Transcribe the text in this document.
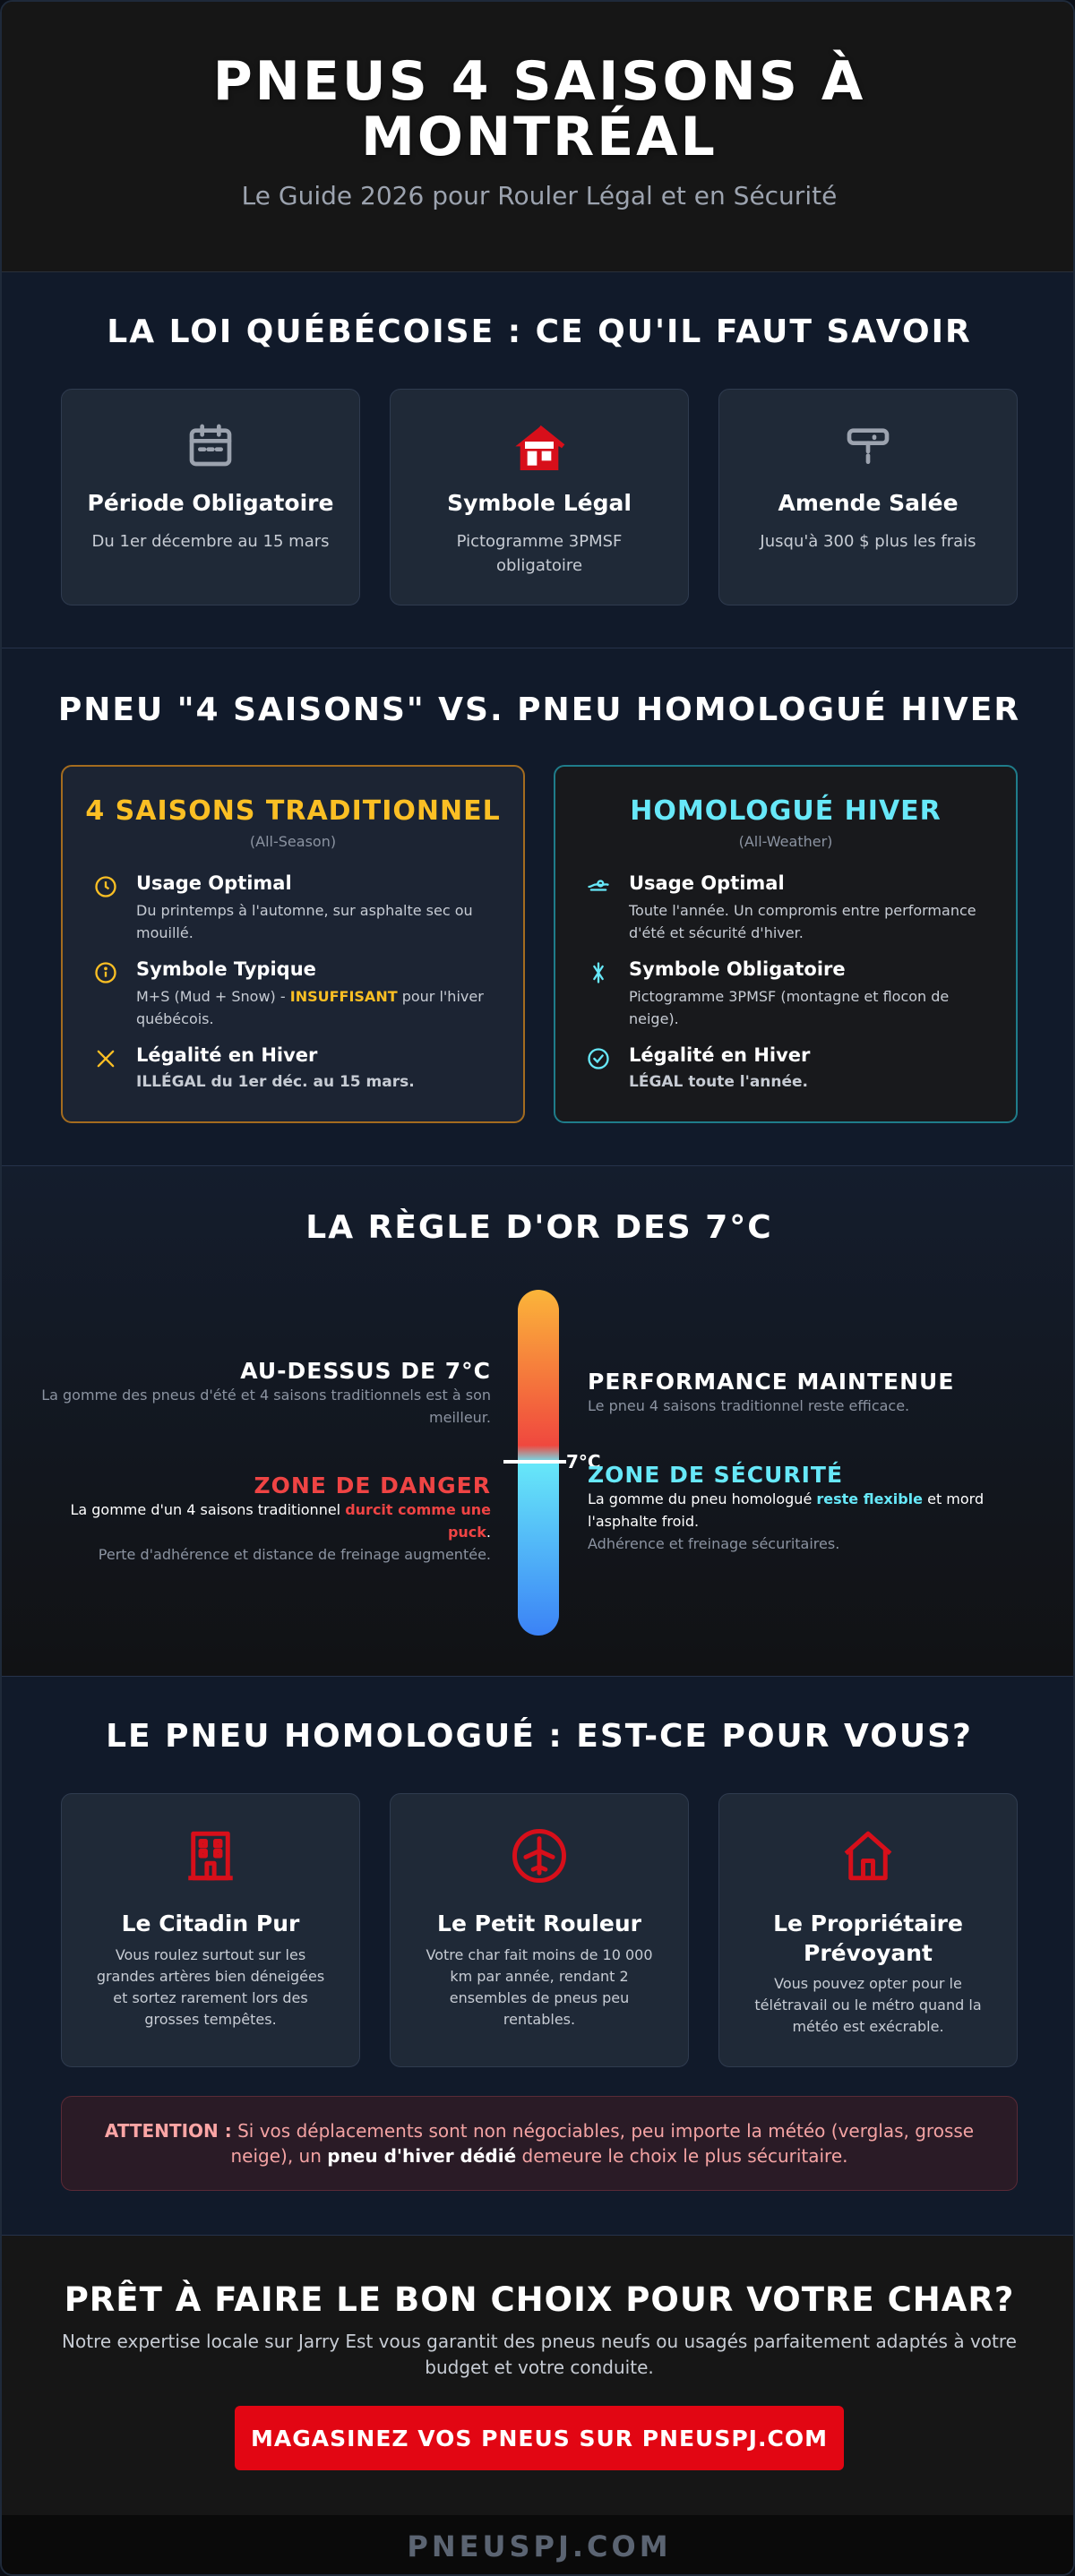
PNEUS 4 SAISONS À
MONTRÉAL
Le Guide 2026 pour Rouler Légal et en Sécurité
LA LOI QUÉBÉCOISE : CE QU'IL FAUT SAVOIR
Période Obligatoire

Du 1er décembre au 15 mars

Symbole Légal

Pictogramme 3PMSF obligatoire

Amende Salée

Jusqu'à 300 $ plus les frais

PNEU "4 SAISONS" VS. PNEU HOMOLOGUÉ HIVER
4 SAISONS TRADITIONNEL
(All-Season)
Usage Optimal

Du printemps à l'automne, sur asphalte sec ou mouillé.

Symbole Typique

M+S (Mud + Snow) - INSUFFISANT pour l'hiver québécois.

Légalité en Hiver

ILLÉGAL du 1er déc. au 15 mars.

HOMOLOGUÉ HIVER
(All-Weather)
Usage Optimal

Toute l'année. Un compromis entre performance d'été et sécurité d'hiver.

Symbole Obligatoire

Pictogramme 3PMSF (montagne et flocon de neige).

Légalité en Hiver

LÉGAL toute l'année.

LA RÈGLE D'OR DES 7°C
7°C
AU-DESSUS DE 7°C

La gomme des pneus d'été et 4 saisons traditionnels est à son meilleur.

PERFORMANCE MAINTENUE

Le pneu 4 saisons traditionnel reste efficace.

ZONE DE DANGER

La gomme d'un 4 saisons traditionnel durcit comme une puck.

Perte d'adhérence et distance de freinage augmentée.

ZONE DE SÉCURITÉ

La gomme du pneu homologué reste flexible et mord l'asphalte froid.

Adhérence et freinage sécuritaires.

LE PNEU HOMOLOGUÉ : EST-CE POUR VOUS?
Le Citadin Pur

Vous roulez surtout sur les grandes artères bien déneigées et sortez rarement lors des grosses tempêtes.

Le Petit Rouleur

Votre char fait moins de 10 000 km par année, rendant 2 ensembles de pneus peu rentables.

Le Propriétaire Prévoyant

Vous pouvez opter pour le télétravail ou le métro quand la météo est exécrable.

ATTENTION : Si vos déplacements sont non négociables, peu importe la météo (verglas, grosse neige), un pneu d'hiver dédié demeure le choix le plus sécuritaire.
PRÊT À FAIRE LE BON CHOIX POUR VOTRE CHAR?
Notre expertise locale sur Jarry Est vous garantit des pneus neufs ou usagés parfaitement adaptés à votre budget et votre conduite.
MAGASINEZ VOS PNEUS SUR PNEUSPJ.COM
PNEUSPJ.COM
